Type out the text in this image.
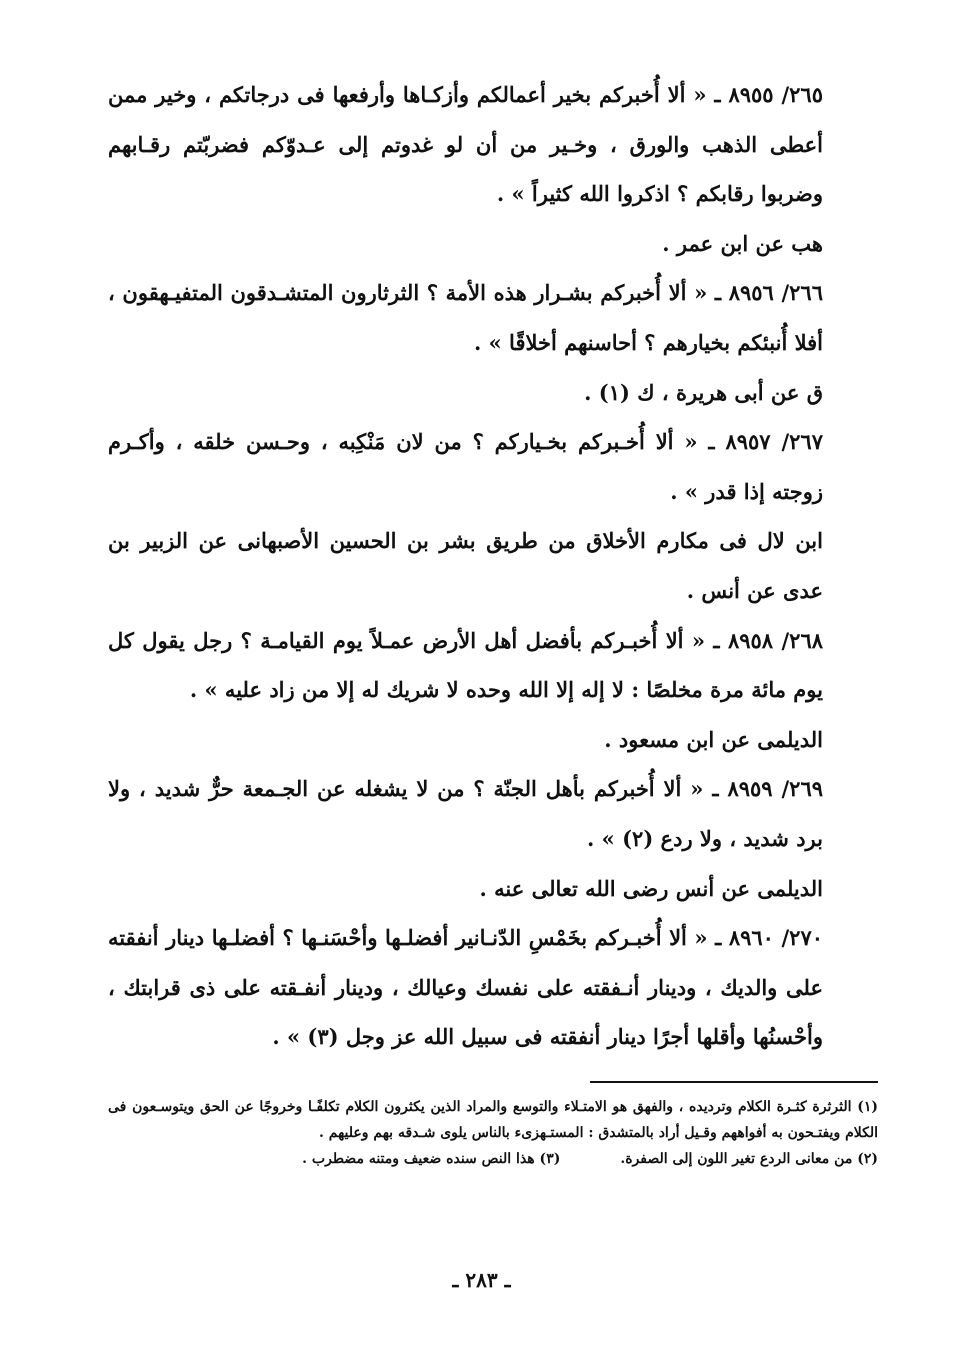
٢٦٥/ ٨٩٥٥ ـ « ألا أُخبركم بخير أعمالكم وأزكـاها وأرفعها فى درجاتكم ، وخير ممن أعطى الذهب والورق ، وخـير من أن لو غدوتم إلى عـدوّكم فضربّتم رقـابهم وضربوا رقابكم ؟ اذكروا الله كثيراً » .

هب عن ابن عمر .

٢٦٦/ ٨٩٥٦ ـ « ألا أُخبركم بشـرار هذه الأمة ؟ الثرثارون المتشـدقون المتفيـهقون ، أفلا أُنبئكم بخيارهم ؟ أحاسنهم أخلاقًا » .

ق عن أبى هريرة ، ك (١) .

٢٦٧/ ٨٩٥٧ ـ « ألا أُخـبركم بخـياركم ؟ من لان مَنْكِبه ، وحـسن خلقه ، وأكـرم زوجته إذا قدر » .

ابن لال فى مكارم الأخلاق من طريق بشر بن الحسين الأصبهانى عن الزبير بن عدى عن أنس .

٢٦٨/ ٨٩٥٨ ـ « ألا أُخبـركم بأفضل أهل الأرض عمـلاً يوم القيامـة ؟ رجل يقول كل يوم مائة مرة مخلصًا : لا إله إلا الله وحده لا شريك له إلا من زاد عليه » .

الديلمى عن ابن مسعود .

٢٦٩/ ٨٩٥٩ ـ « ألا أُخبركم بأهل الجنّة ؟ من لا يشغله عن الجـمعة حرٌّ شديد ، ولا برد شديد ، ولا ردع (٢) » .

الديلمى عن أنس رضى الله تعالى عنه .

٢٧٠/ ٨٩٦٠ ـ « ألا أُخبـركم بخَمْسِ الدّنـانير أفضلـها وأحْسَنـها ؟ أفضلـها دينار أنفقته على والديك ، ودينار أنـفقته على نفسك وعيالك ، ودينار أنفـقته على ذى قرابتك ، وأحْسنُها وأقلها أجرًا دينار أنفقته فى سبيل الله عز وجل (٣) » .

(١) الثرثرة كثـرة الكلام وترديده ، والفهق هو الامتـلاء والتوسع والمراد الذين يكثرون الكلام تكلفًـا وخروجًا عن الحق ويتوسـعون فى الكلام ويفتـحون به أفواههم وقـيل أراد بالمتشدق : المستـهزىء بالناس يلوى شـدقه بهم وعليهم .

(٢) من معانى الردع تغير اللون إلى الصفرة.
(٣) هذا النص سنده ضعيف ومتنه مضطرب .
ـ ٢٨٣ ـ
